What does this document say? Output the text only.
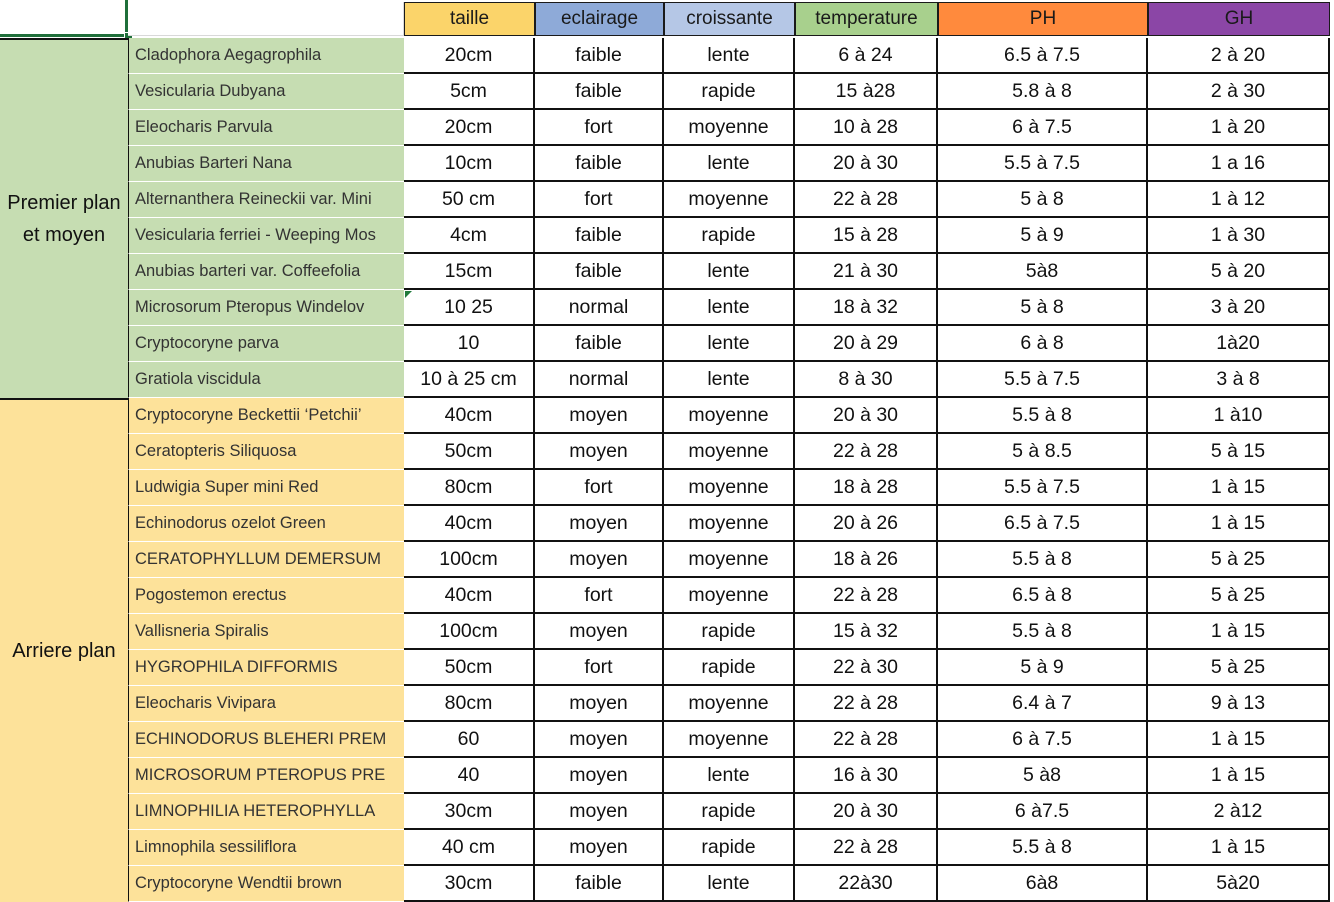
taille	eclairage	croissante	temperature	PH	GH
Premier plan et moyen
Cladophora Aegagrophila	20cm	faible	lente	6 à 24	6.5 à 7.5	2 à 20
Vesicularia Dubyana	5cm	faible	rapide	15 à28	5.8 à 8	2 à 30
Eleocharis Parvula	20cm	fort	moyenne	10 à 28	6 à 7.5	1 à 20
Anubias Barteri Nana	10cm	faible	lente	20 à 30	5.5 à 7.5	1 a 16
Alternanthera Reineckii var. Mini	50 cm	fort	moyenne	22 à 28	5 à 8	1 à 12
Vesicularia ferriei - Weeping Mos	4cm	faible	rapide	15 à 28	5 à 9	1 à 30
Anubias barteri var. Coffeefolia	15cm	faible	lente	21 à 30	5à8	5 à 20
Microsorum Pteropus Windelov	10 25	normal	lente	18 à 32	5 à 8	3 à 20
Cryptocoryne parva	10	faible	lente	20 à 29	6 à 8	1à20
Gratiola viscidula	10 à 25 cm	normal	lente	8 à 30	5.5 à 7.5	3 à 8
Arriere plan
Cryptocoryne Beckettii ‘Petchii’	40cm	moyen	moyenne	20 à 30	5.5 à 8	1 à10
Ceratopteris Siliquosa	50cm	moyen	moyenne	22 à 28	5 à 8.5	5 à 15
Ludwigia Super mini Red	80cm	fort	moyenne	18 à 28	5.5 à 7.5	1 à 15
Echinodorus ozelot Green	40cm	moyen	moyenne	20 à 26	6.5 à 7.5	1 à 15
CERATOPHYLLUM DEMERSUM	100cm	moyen	moyenne	18 à 26	5.5 à 8	5 à 25
Pogostemon erectus	40cm	fort	moyenne	22 à 28	6.5 à 8	5 à 25
Vallisneria Spiralis	100cm	moyen	rapide	15 à 32	5.5 à 8	1 à 15
HYGROPHILA DIFFORMIS	50cm	fort	rapide	22 à 30	5 à 9	5 à 25
Eleocharis Vivipara	80cm	moyen	moyenne	22 à 28	6.4 à 7	9 à 13
ECHINODORUS BLEHERI PREM	60	moyen	moyenne	22 à 28	6 à 7.5	1 à 15
MICROSORUM PTEROPUS PRE	40	moyen	lente	16 à 30	5 à8	1 à 15
LIMNOPHILIA HETEROPHYLLA	30cm	moyen	rapide	20 à 30	6 à7.5	2 à12
Limnophila sessiliflora	40 cm	moyen	rapide	22 à 28	5.5 à 8	1 à 15
Cryptocoryne Wendtii brown	30cm	faible	lente	22à30	6à8	5à20
